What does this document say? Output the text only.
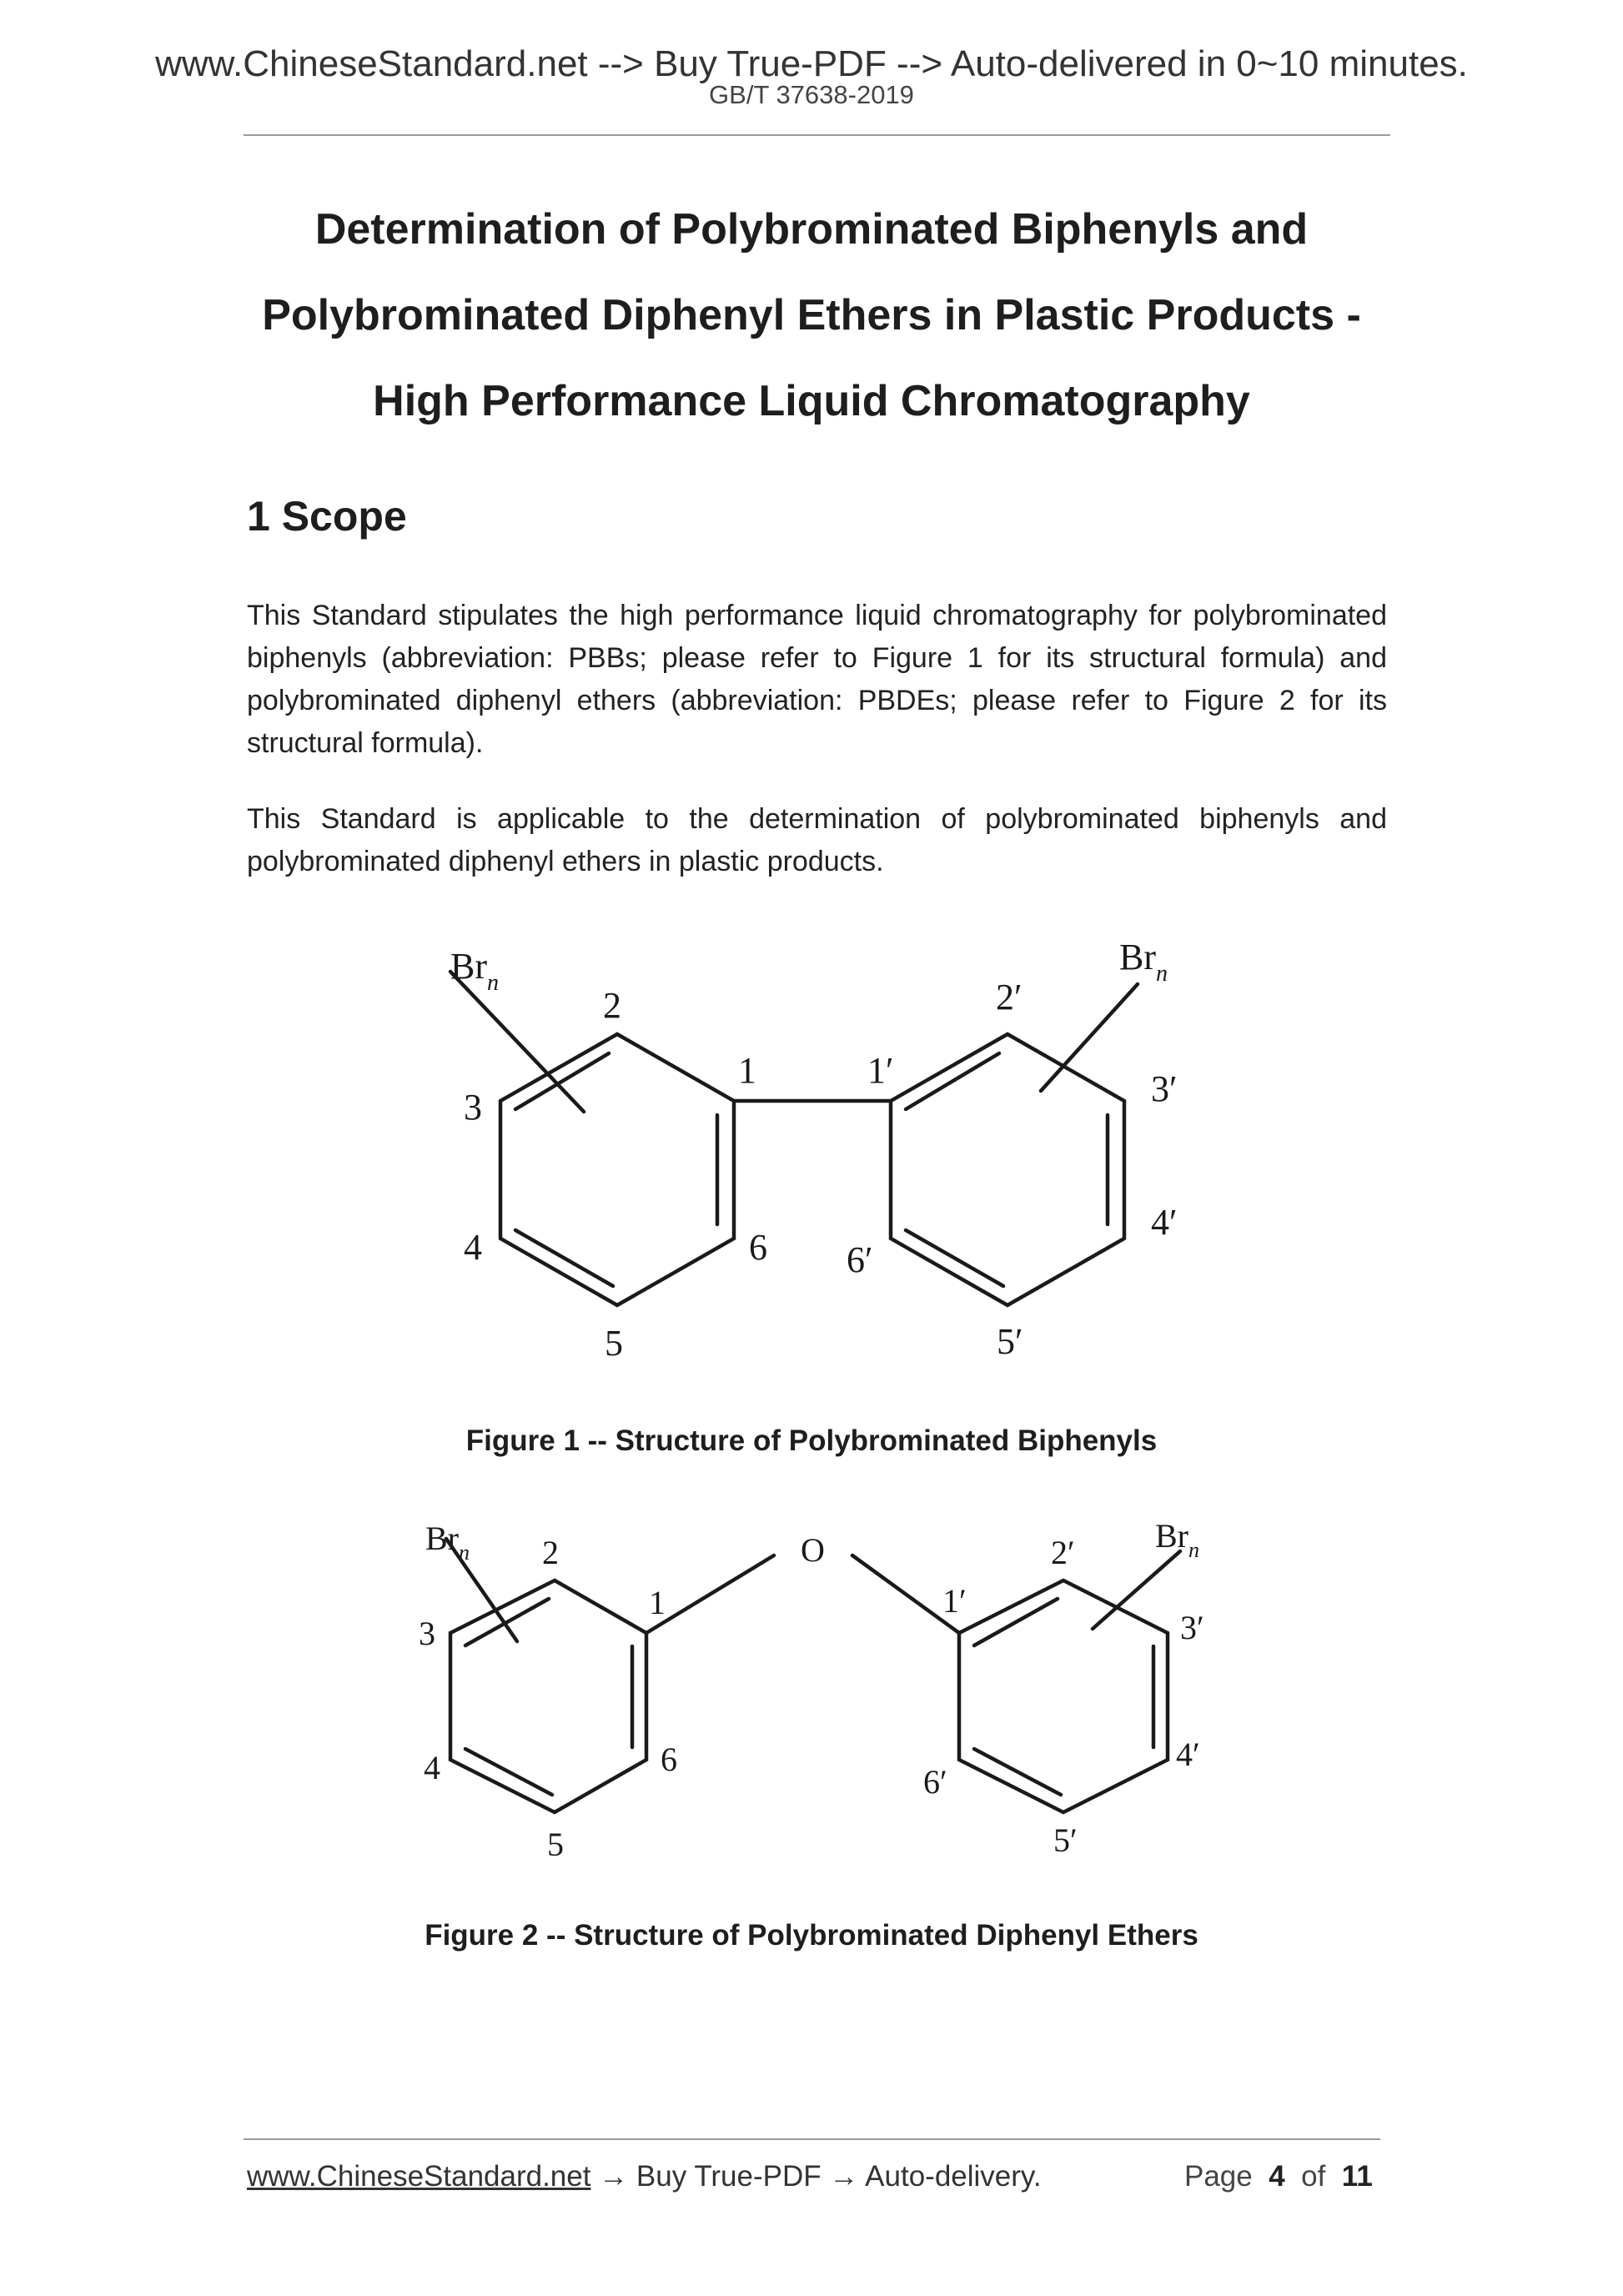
www.ChineseStandard.net --> Buy True-PDF --> Auto-delivered in 0~10 minutes.
GB/T 37638-2019
Determination of Polybrominated Biphenyls and
Polybrominated Diphenyl Ethers in Plastic Products -
High Performance Liquid Chromatography
1 Scope
This Standard stipulates the high performance liquid chromatography for polybrominated biphenyls (abbreviation: PBBs; please refer to Figure 1 for its structural formula) and polybrominated diphenyl ethers (abbreviation: PBDEs; please refer to Figure 2 for its structural formula).
This Standard is applicable to the determination of polybrominated biphenyls and polybrominated diphenyl ethers in plastic products.
$Br_n$
2
1
3
4	6
5
$Br_n$
2′
1′	3′
4′
6′
5′
Figure 1 -- Structure of Polybrominated Biphenyls
$Br_n$ 2
1
3
4	6
5
O	$Br_n$
2′
1′
3′
4′
6′
5′
Figure 2 -- Structure of Polybrominated Diphenyl Ethers
www.ChineseStandard.net → Buy True-PDF → Auto-delivery.	Page 4 of 11
